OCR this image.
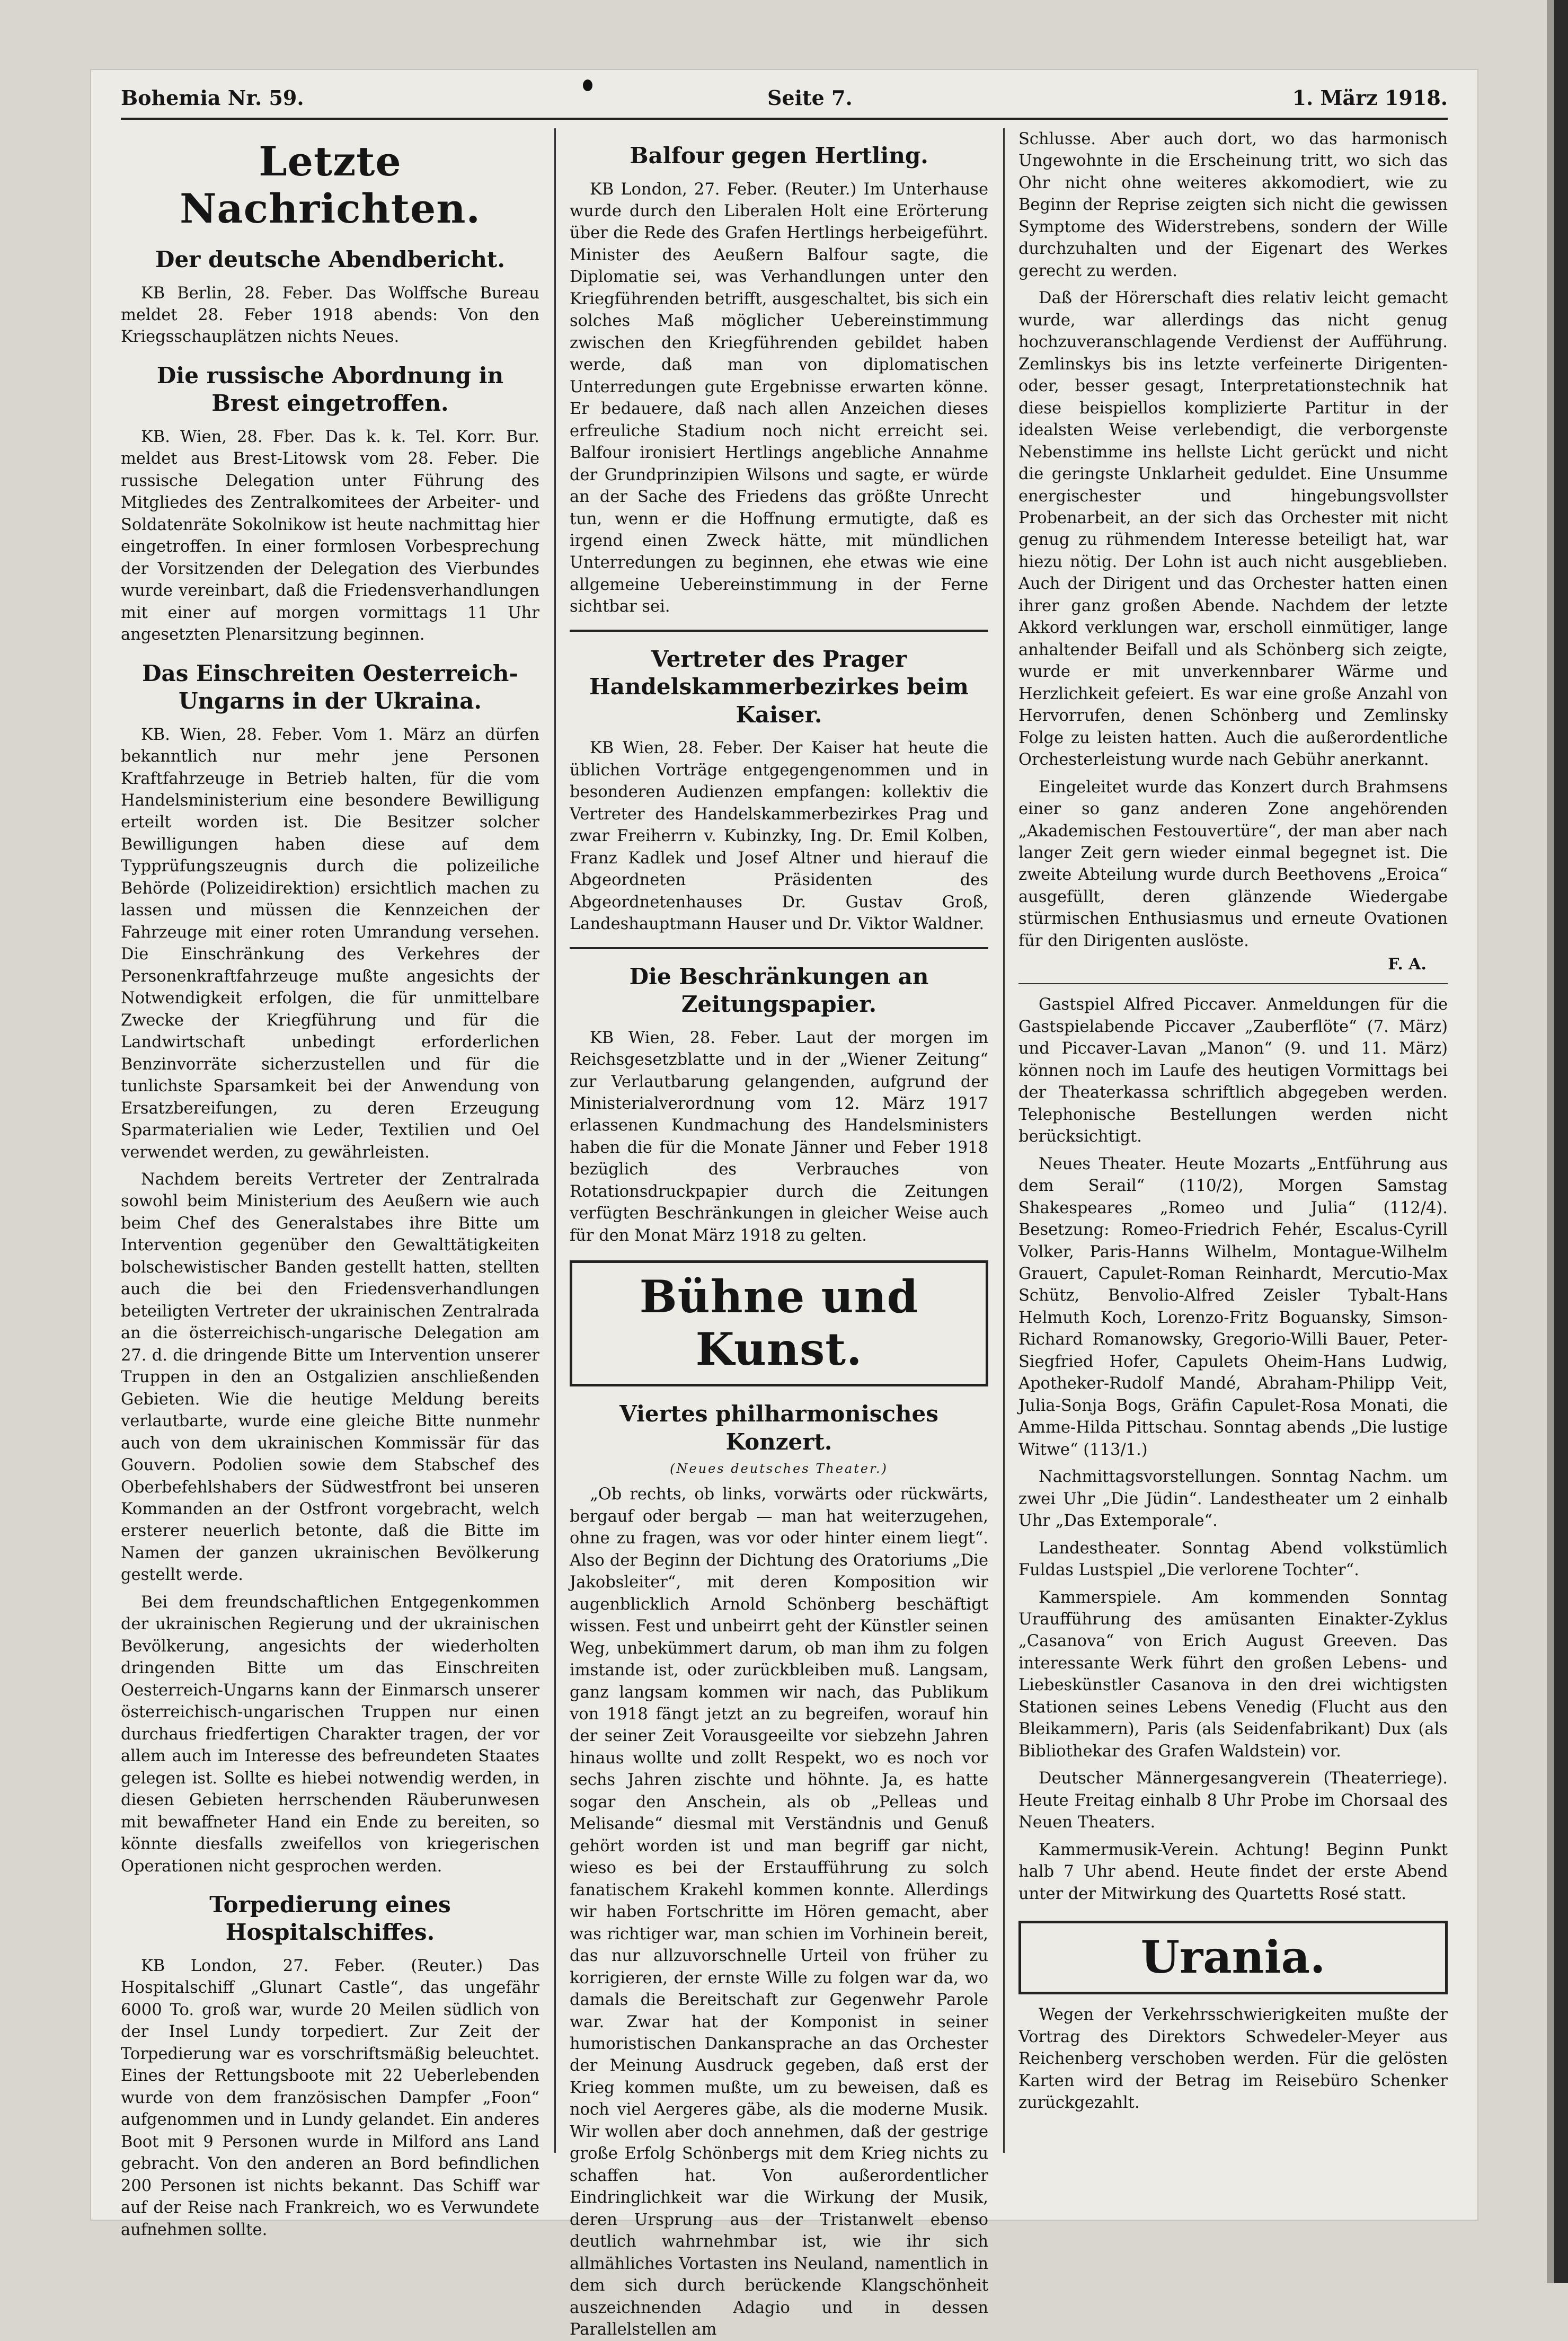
Bohemia Nr. 59.	Seite 7.	1. März 1918.
Letzte Nachrichten.
Der deutsche Abendbericht.

KB Berlin, 28. Feber. Das Wolffsche Bureau meldet 28. Feber 1918 abends: Von den Kriegsschauplätzen nichts Neues.

Die russische Abordnung in Brest eingetroffen.

KB. Wien, 28. Fber. Das k. k. Tel. Korr. Bur. meldet aus Brest-Litowsk vom 28. Feber. Die russische Delegation unter Führung des Mitgliedes des Zentralkomitees der Arbeiter- und Soldatenräte Sokolnikow ist heute nachmittag hier eingetroffen. In einer formlosen Vorbesprechung der Vorsitzenden der Delegation des Vierbundes wurde vereinbart, daß die Friedensverhandlungen mit einer auf morgen vormittags 11 Uhr angesetzten Plenarsitzung beginnen.

Das Einschreiten Oesterreich-Ungarns in der Ukraina.

KB. Wien, 28. Feber. Vom 1. März an dürfen bekanntlich nur mehr jene Personen Kraftfahrzeuge in Betrieb halten, für die vom Handelsministerium eine besondere Bewilligung erteilt worden ist. Die Besitzer solcher Bewilligungen haben diese auf dem Typprüfungszeugnis durch die polizeiliche Behörde (Polizeidirektion) ersichtlich machen zu lassen und müssen die Kennzeichen der Fahrzeuge mit einer roten Umrandung versehen. Die Einschränkung des Verkehres der Personenkraftfahrzeuge mußte angesichts der Notwendigkeit erfolgen, die für unmittelbare Zwecke der Kriegführung und für die Landwirtschaft unbedingt erforderlichen Benzinvorräte sicherzustellen und für die tunlichste Sparsamkeit bei der Anwendung von Ersatzbereifungen, zu deren Erzeugung Sparmaterialien wie Leder, Textilien und Oel verwendet werden, zu gewährleisten.

Nachdem bereits Vertreter der Zentralrada sowohl beim Ministerium des Aeußern wie auch beim Chef des Generalstabes ihre Bitte um Intervention gegenüber den Gewalttätigkeiten bolschewistischer Banden gestellt hatten, stellten auch die bei den Friedensverhandlungen beteiligten Vertreter der ukrainischen Zentralrada an die österreichisch-ungarische Delegation am 27. d. die dringende Bitte um Intervention unserer Truppen in den an Ostgalizien anschließenden Gebieten. Wie die heutige Meldung bereits verlautbarte, wurde eine gleiche Bitte nunmehr auch von dem ukrainischen Kommissär für das Gouvern. Podolien sowie dem Stabschef des Oberbefehlshabers der Südwestfront bei unseren Kommanden an der Ostfront vorgebracht, welch ersterer neuerlich betonte, daß die Bitte im Namen der ganzen ukrainischen Bevölkerung gestellt werde.

Bei dem freundschaftlichen Entgegenkommen der ukrainischen Regierung und der ukrainischen Bevölkerung, angesichts der wiederholten dringenden Bitte um das Einschreiten Oesterreich-Ungarns kann der Einmarsch unserer österreichisch-ungarischen Truppen nur einen durchaus friedfertigen Charakter tragen, der vor allem auch im Interesse des befreundeten Staates gelegen ist. Sollte es hiebei notwendig werden, in diesen Gebieten herrschenden Räuberunwesen mit bewaffneter Hand ein Ende zu bereiten, so könnte diesfalls zweifellos von kriegerischen Operationen nicht gesprochen werden.

Torpedierung eines Hospitalschiffes.

KB London, 27. Feber. (Reuter.) Das Hospitalschiff „Glunart Castle“, das ungefähr 6000 To. groß war, wurde 20 Meilen südlich von der Insel Lundy torpediert. Zur Zeit der Torpedierung war es vorschriftsmäßig beleuchtet. Eines der Rettungsboote mit 22 Ueberlebenden wurde von dem französischen Dampfer „Foon“ aufgenommen und in Lundy gelandet. Ein anderes Boot mit 9 Personen wurde in Milford ans Land gebracht. Von den anderen an Bord befindlichen 200 Personen ist nichts bekannt. Das Schiff war auf der Reise nach Frankreich, wo es Verwundete aufnehmen sollte.

Balfour gegen Hertling.

KB London, 27. Feber. (Reuter.) Im Unterhause wurde durch den Liberalen Holt eine Erörterung über die Rede des Grafen Hertlings herbeigeführt. Minister des Aeußern Balfour sagte, die Diplomatie sei, was Verhandlungen unter den Kriegführenden betrifft, ausgeschaltet, bis sich ein solches Maß möglicher Uebereinstimmung zwischen den Kriegführenden gebildet haben werde, daß man von diplomatischen Unterredungen gute Ergebnisse erwarten könne. Er bedauere, daß nach allen Anzeichen dieses erfreuliche Stadium noch nicht erreicht sei. Balfour ironisiert Hertlings angebliche Annahme der Grundprinzipien Wilsons und sagte, er würde an der Sache des Friedens das größte Unrecht tun, wenn er die Hoffnung ermutigte, daß es irgend einen Zweck hätte, mit mündlichen Unterredungen zu beginnen, ehe etwas wie eine allgemeine Uebereinstimmung in der Ferne sichtbar sei.

Vertreter des Prager Handelskammerbezirkes beim Kaiser.

KB Wien, 28. Feber. Der Kaiser hat heute die üblichen Vorträge entgegengenommen und in besonderen Audienzen empfangen: kollektiv die Vertreter des Handelskammerbezirkes Prag und zwar Freiherrn v. Kubinzky, Ing. Dr. Emil Kolben, Franz Kadlek und Josef Altner und hierauf die Abgeordneten Präsidenten des Abgeordnetenhauses Dr. Gustav Groß, Landeshauptmann Hauser und Dr. Viktor Waldner.

Die Beschränkungen an Zeitungspapier.

KB Wien, 28. Feber. Laut der morgen im Reichsgesetzblatte und in der „Wiener Zeitung“ zur Verlautbarung gelangenden, aufgrund der Ministerialverordnung vom 12. März 1917 erlassenen Kundmachung des Handelsministers haben die für die Monate Jänner und Feber 1918 bezüglich des Verbrauches von Rotationsdruckpapier durch die Zeitungen verfügten Beschränkungen in gleicher Weise auch für den Monat März 1918 zu gelten.

Bühne und Kunst.
Viertes philharmonisches Konzert.
(Neues deutsches Theater.)

„Ob rechts, ob links, vorwärts oder rückwärts, bergauf oder bergab — man hat weiterzugehen, ohne zu fragen, was vor oder hinter einem liegt“. Also der Beginn der Dichtung des Oratoriums „Die Jakobsleiter“, mit deren Komposition wir augenblicklich Arnold Schönberg beschäftigt wissen. Fest und unbeirrt geht der Künstler seinen Weg, unbekümmert darum, ob man ihm zu folgen imstande ist, oder zurückbleiben muß. Langsam, ganz langsam kommen wir nach, das Publikum von 1918 fängt jetzt an zu begreifen, worauf hin der seiner Zeit Vorausgeeilte vor siebzehn Jahren hinaus wollte und zollt Respekt, wo es noch vor sechs Jahren zischte und höhnte. Ja, es hatte sogar den Anschein, als ob „Pelleas und Melisande“ diesmal mit Verständnis und Genuß gehört worden ist und man begriff gar nicht, wieso es bei der Erstaufführung zu solch fanatischem Krakehl kommen konnte. Allerdings wir haben Fortschritte im Hören gemacht, aber was richtiger war, man schien im Vorhinein bereit, das nur allzuvorschnelle Urteil von früher zu korrigieren, der ernste Wille zu folgen war da, wo damals die Bereitschaft zur Gegenwehr Parole war. Zwar hat der Komponist in seiner humoristischen Dankansprache an das Orchester der Meinung Ausdruck gegeben, daß erst der Krieg kommen mußte, um zu beweisen, daß es noch viel Aergeres gäbe, als die moderne Musik. Wir wollen aber doch annehmen, daß der gestrige große Erfolg Schönbergs mit dem Krieg nichts zu schaffen hat. Von außerordentlicher Eindringlichkeit war die Wirkung der Musik, deren Ursprung aus der Tristanwelt ebenso deutlich wahrnehmbar ist, wie ihr sich allmähliches Vortasten ins Neuland, namentlich in dem sich durch berückende Klangschönheit auszeichnenden Adagio und in dessen Parallelstellen am

Schlusse. Aber auch dort, wo das harmonisch Ungewohnte in die Erscheinung tritt, wo sich das Ohr nicht ohne weiteres akkomodiert, wie zu Beginn der Reprise zeigten sich nicht die gewissen Symptome des Widerstrebens, sondern der Wille durchzuhalten und der Eigenart des Werkes gerecht zu werden.

Daß der Hörerschaft dies relativ leicht gemacht wurde, war allerdings das nicht genug hochzuveranschlagende Verdienst der Aufführung. Zemlinskys bis ins letzte verfeinerte Dirigenten- oder, besser gesagt, Interpretationstechnik hat diese beispiellos komplizierte Partitur in der idealsten Weise verlebendigt, die verborgenste Nebenstimme ins hellste Licht gerückt und nicht die geringste Unklarheit geduldet. Eine Unsumme energischester und hingebungsvollster Probenarbeit, an der sich das Orchester mit nicht genug zu rühmendem Interesse beteiligt hat, war hiezu nötig. Der Lohn ist auch nicht ausgeblieben. Auch der Dirigent und das Orchester hatten einen ihrer ganz großen Abende. Nachdem der letzte Akkord verklungen war, erscholl einmütiger, lange anhaltender Beifall und als Schönberg sich zeigte, wurde er mit unverkennbarer Wärme und Herzlichkeit gefeiert. Es war eine große Anzahl von Hervorrufen, denen Schönberg und Zemlinsky Folge zu leisten hatten. Auch die außerordentliche Orchesterleistung wurde nach Gebühr anerkannt.

Eingeleitet wurde das Konzert durch Brahmsens einer so ganz anderen Zone angehörenden „Akademischen Festouvertüre“, der man aber nach langer Zeit gern wieder einmal begegnet ist. Die zweite Abteilung wurde durch Beethovens „Eroica“ ausgefüllt, deren glänzende Wiedergabe stürmischen Enthusiasmus und erneute Ovationen für den Dirigenten auslöste.

F. A.

Gastspiel Alfred Piccaver. Anmeldungen für die Gastspielabende Piccaver „Zauberflöte“ (7. März) und Piccaver-Lavan „Manon“ (9. und 11. März) können noch im Laufe des heutigen Vormittags bei der Theaterkassa schriftlich abgegeben werden. Telephonische Bestellungen werden nicht berücksichtigt.

Neues Theater. Heute Mozarts „Entführung aus dem Serail“ (110/2), Morgen Samstag Shakespeares „Romeo und Julia“ (112/4). Besetzung: Romeo-Friedrich Fehér, Escalus-Cyrill Volker, Paris-Hanns Wilhelm, Montague-Wilhelm Grauert, Capulet-Roman Reinhardt, Mercutio-Max Schütz, Benvolio-Alfred Zeisler Tybalt-Hans Helmuth Koch, Lorenzo-Fritz Boguansky, Simson-Richard Romanowsky, Gregorio-Willi Bauer, Peter-Siegfried Hofer, Capulets Oheim-Hans Ludwig, Apotheker-Rudolf Mandé, Abraham-Philipp Veit, Julia-Sonja Bogs, Gräfin Capulet-Rosa Monati, die Amme-Hilda Pittschau. Sonntag abends „Die lustige Witwe“ (113/1.)

Nachmittagsvorstellungen. Sonntag Nachm. um zwei Uhr „Die Jüdin“. Landestheater um 2 einhalb Uhr „Das Extemporale“.

Landestheater. Sonntag Abend volkstümlich Fuldas Lustspiel „Die verlorene Tochter“.

Kammerspiele. Am kommenden Sonntag Uraufführung des amüsanten Einakter-Zyklus „Casanova“ von Erich August Greeven. Das interessante Werk führt den großen Lebens- und Liebeskünstler Casanova in den drei wichtigsten Stationen seines Lebens Venedig (Flucht aus den Bleikammern), Paris (als Seidenfabrikant) Dux (als Bibliothekar des Grafen Waldstein) vor.

Deutscher Männergesangverein (Theaterriege). Heute Freitag einhalb 8 Uhr Probe im Chorsaal des Neuen Theaters.

Kammermusik-Verein. Achtung! Beginn Punkt halb 7 Uhr abend. Heute findet der erste Abend unter der Mitwirkung des Quartetts Rosé statt.

Urania.

Wegen der Verkehrsschwierigkeiten mußte der Vortrag des Direktors Schwedeler-Meyer aus Reichenberg verschoben werden. Für die gelösten Karten wird der Betrag im Reisebüro Schenker zurückgezahlt.
